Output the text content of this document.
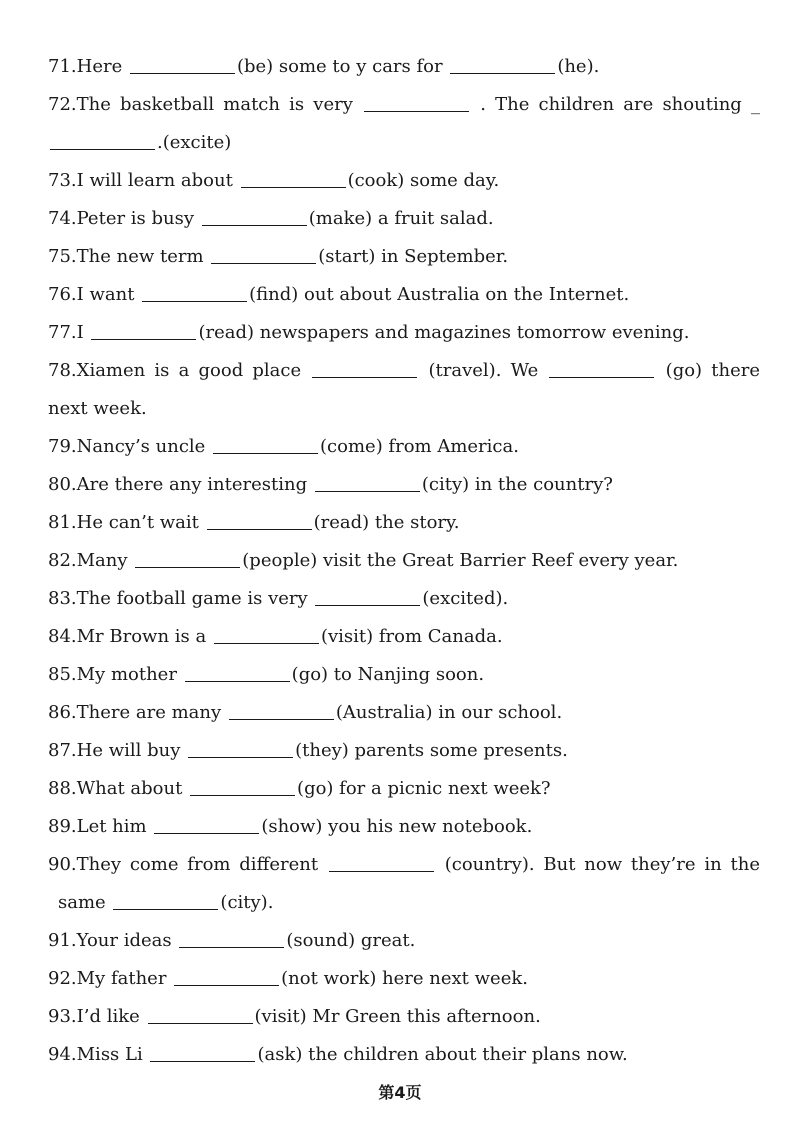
71.Here	(be) some to y cars for	(he).
72.The basketball match is very	. The children are shouting _
.(excite)
73.I will learn about	(cook) some day.
74.Peter is busy	(make) a fruit salad.
75.The new term	(start) in September.
76.I want	(find) out about Australia on the Internet.
77.I	(read) newspapers and magazines tomorrow evening.
78.Xiamen is a good place	(travel). We	(go) there
next week.
79.Nancy’s uncle	(come) from America.
80.Are there any interesting	(city) in the country?
81.He can’t wait	(read) the story.
82.Many	(people) visit the Great Barrier Reef every year.
83.The football game is very	(excited).
84.Mr Brown is a	(visit) from Canada.
85.My mother	(go) to Nanjing soon.
86.There are many	(Australia) in our school.
87.He will buy	(they) parents some presents.
88.What about	(go) for a picnic next week?
89.Let him	(show) you his new notebook.
90.They come from different	(country). But now they’re in the
same	(city).
91.Your ideas	(sound) great.
92.My father	(not work) here next week.
93.I’d like	(visit) Mr Green this afternoon.
94.Miss Li	(ask) the children about their plans now.
第4页
